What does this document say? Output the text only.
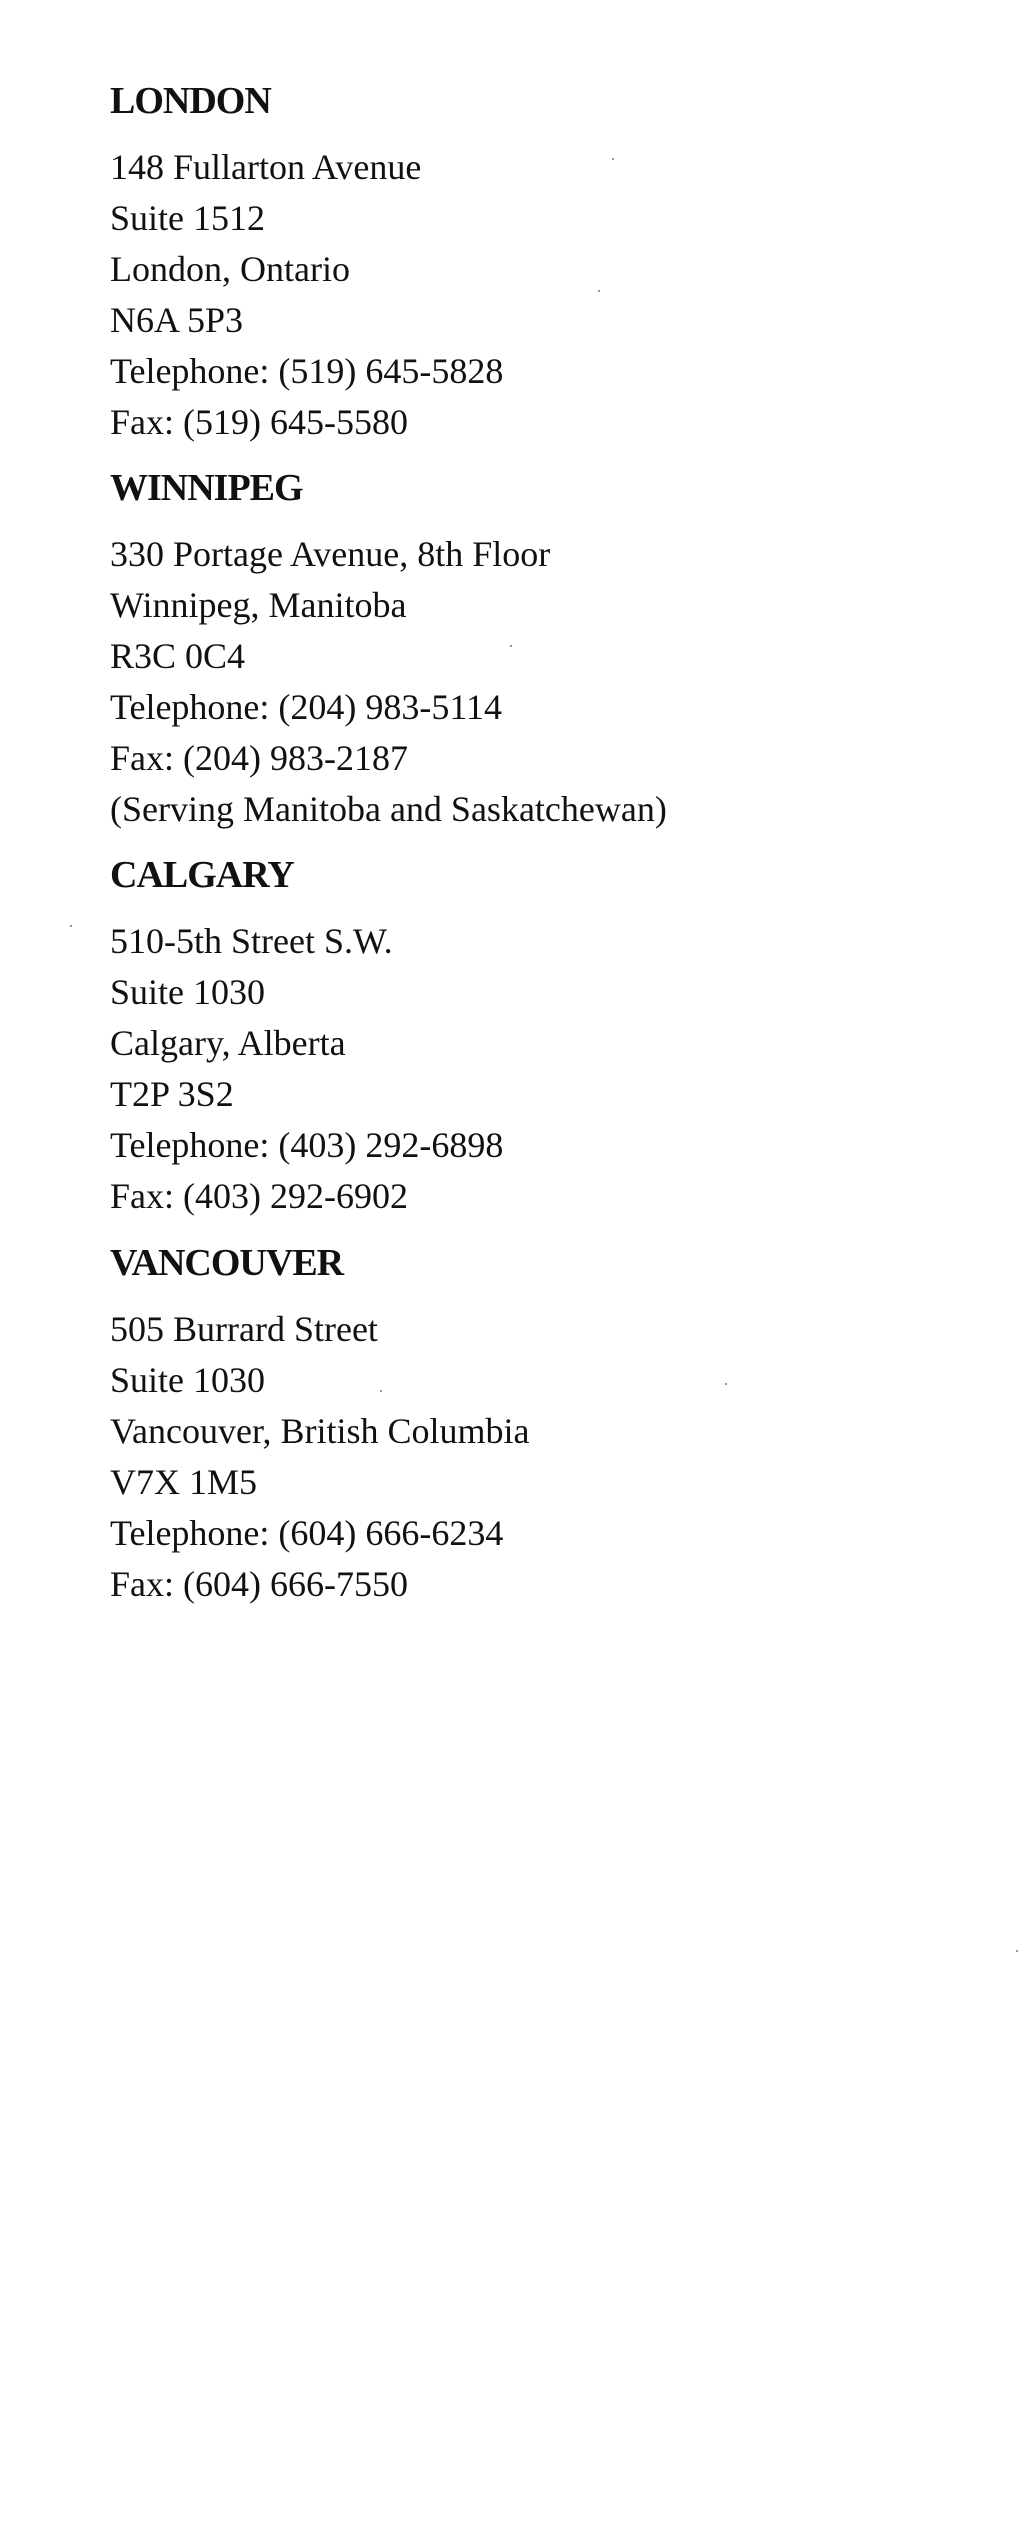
LONDON
148 Fullarton Avenue
Suite 1512
London, Ontario
N6A 5P3
Telephone: (519) 645-5828
Fax: (519) 645-5580
WINNIPEG
330 Portage Avenue, 8th Floor
Winnipeg, Manitoba
R3C 0C4
Telephone: (204) 983-5114
Fax: (204) 983-2187
(Serving Manitoba and Saskatchewan)
CALGARY
510-5th Street S.W.
Suite 1030
Calgary, Alberta
T2P 3S2
Telephone: (403) 292-6898
Fax: (403) 292-6902
VANCOUVER
505 Burrard Street
Suite 1030
Vancouver, British Columbia
V7X 1M5
Telephone: (604) 666-6234
Fax: (604) 666-7550
